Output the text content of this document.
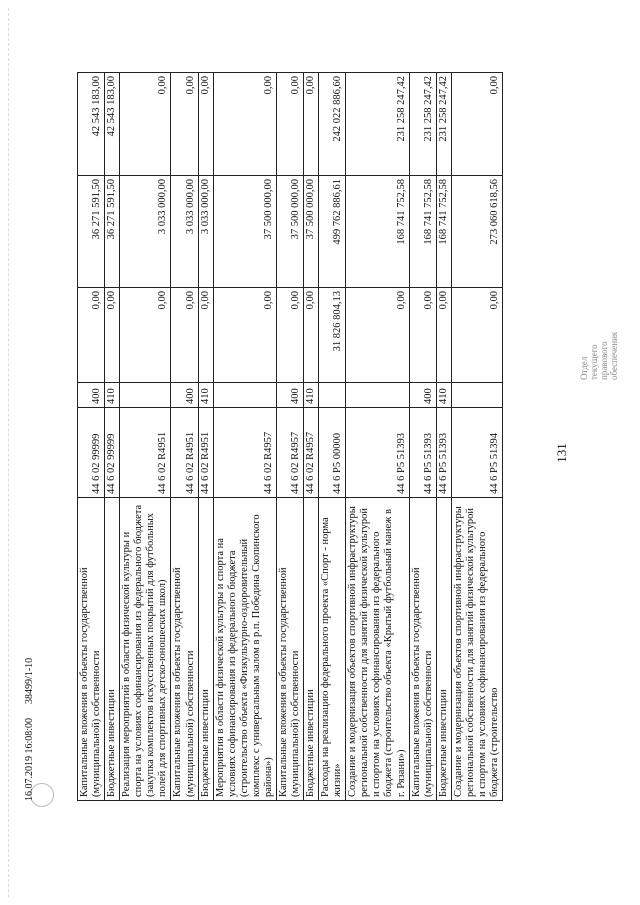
131
Капитальные вложения в объекты государственной (муниципальной) собственности	44 6 02 99999	400	0,00	36 271 591,50	42 543 183,00
Бюджетные инвестиции	44 6 02 99999	410	0,00	36 271 591,50	42 543 183,00
Реализация мероприятий в области физической культуры и спорта на условиях софинансирования из федерального бюджета (закупка комплектов искусственных покрытий для футбольных полей для спортивных детско-юношеских школ)	44 6 02 R4951		0,00	3 033 000,00	0,00
Капитальные вложения в объекты государственной (муниципальной) собственности	44 6 02 R4951	400	0,00	3 033 000,00	0,00
Бюджетные инвестиции	44 6 02 R4951	410	0,00	3 033 000,00	0,00
Мероприятия в области физической культуры и спорта на условиях софинансирования из федерального бюджета (строительство объекта «Физкультурно-оздоровительный комплекс с универсальным залом в р.п. Победина Скопинского района»)	44 6 02 R4957		0,00	37 500 000,00	0,00
Капитальные вложения в объекты государственной (муниципальной) собственности	44 6 02 R4957	400	0,00	37 500 000,00	0,00
Бюджетные инвестиции	44 6 02 R4957	410	0,00	37 500 000,00	0,00
Расходы на реализацию федерального проекта «Спорт - норма жизни»	44 6 P5 00000		31 826 804,13	499 762 886,61	242 022 886,60
Создание и модернизация объектов спортивной инфраструктуры региональной собственности для занятий физической культурой и спортом на условиях софинансирования из федерального бюджета (строительство объекта «Крытый футбольный манеж в г. Рязани»)	44 6 P5 51393		0,00	168 741 752,58	231 258 247,42
Капитальные вложения в объекты государственной (муниципальной) собственности	44 6 P5 51393	400	0,00	168 741 752,58	231 258 247,42
Бюджетные инвестиции	44 6 P5 51393	410	0,00	168 741 752,58	231 258 247,42
Создание и модернизация объектов спортивной инфраструктуры региональной собственности для занятий физической культурой и спортом на условиях софинансирования из федерального бюджета (строительство	44 6 P5 51394		0,00	273 060 618,56	0,00
16.07.2019 16:08:00
38499/1-10
Отдел текущего правового обеспечения
